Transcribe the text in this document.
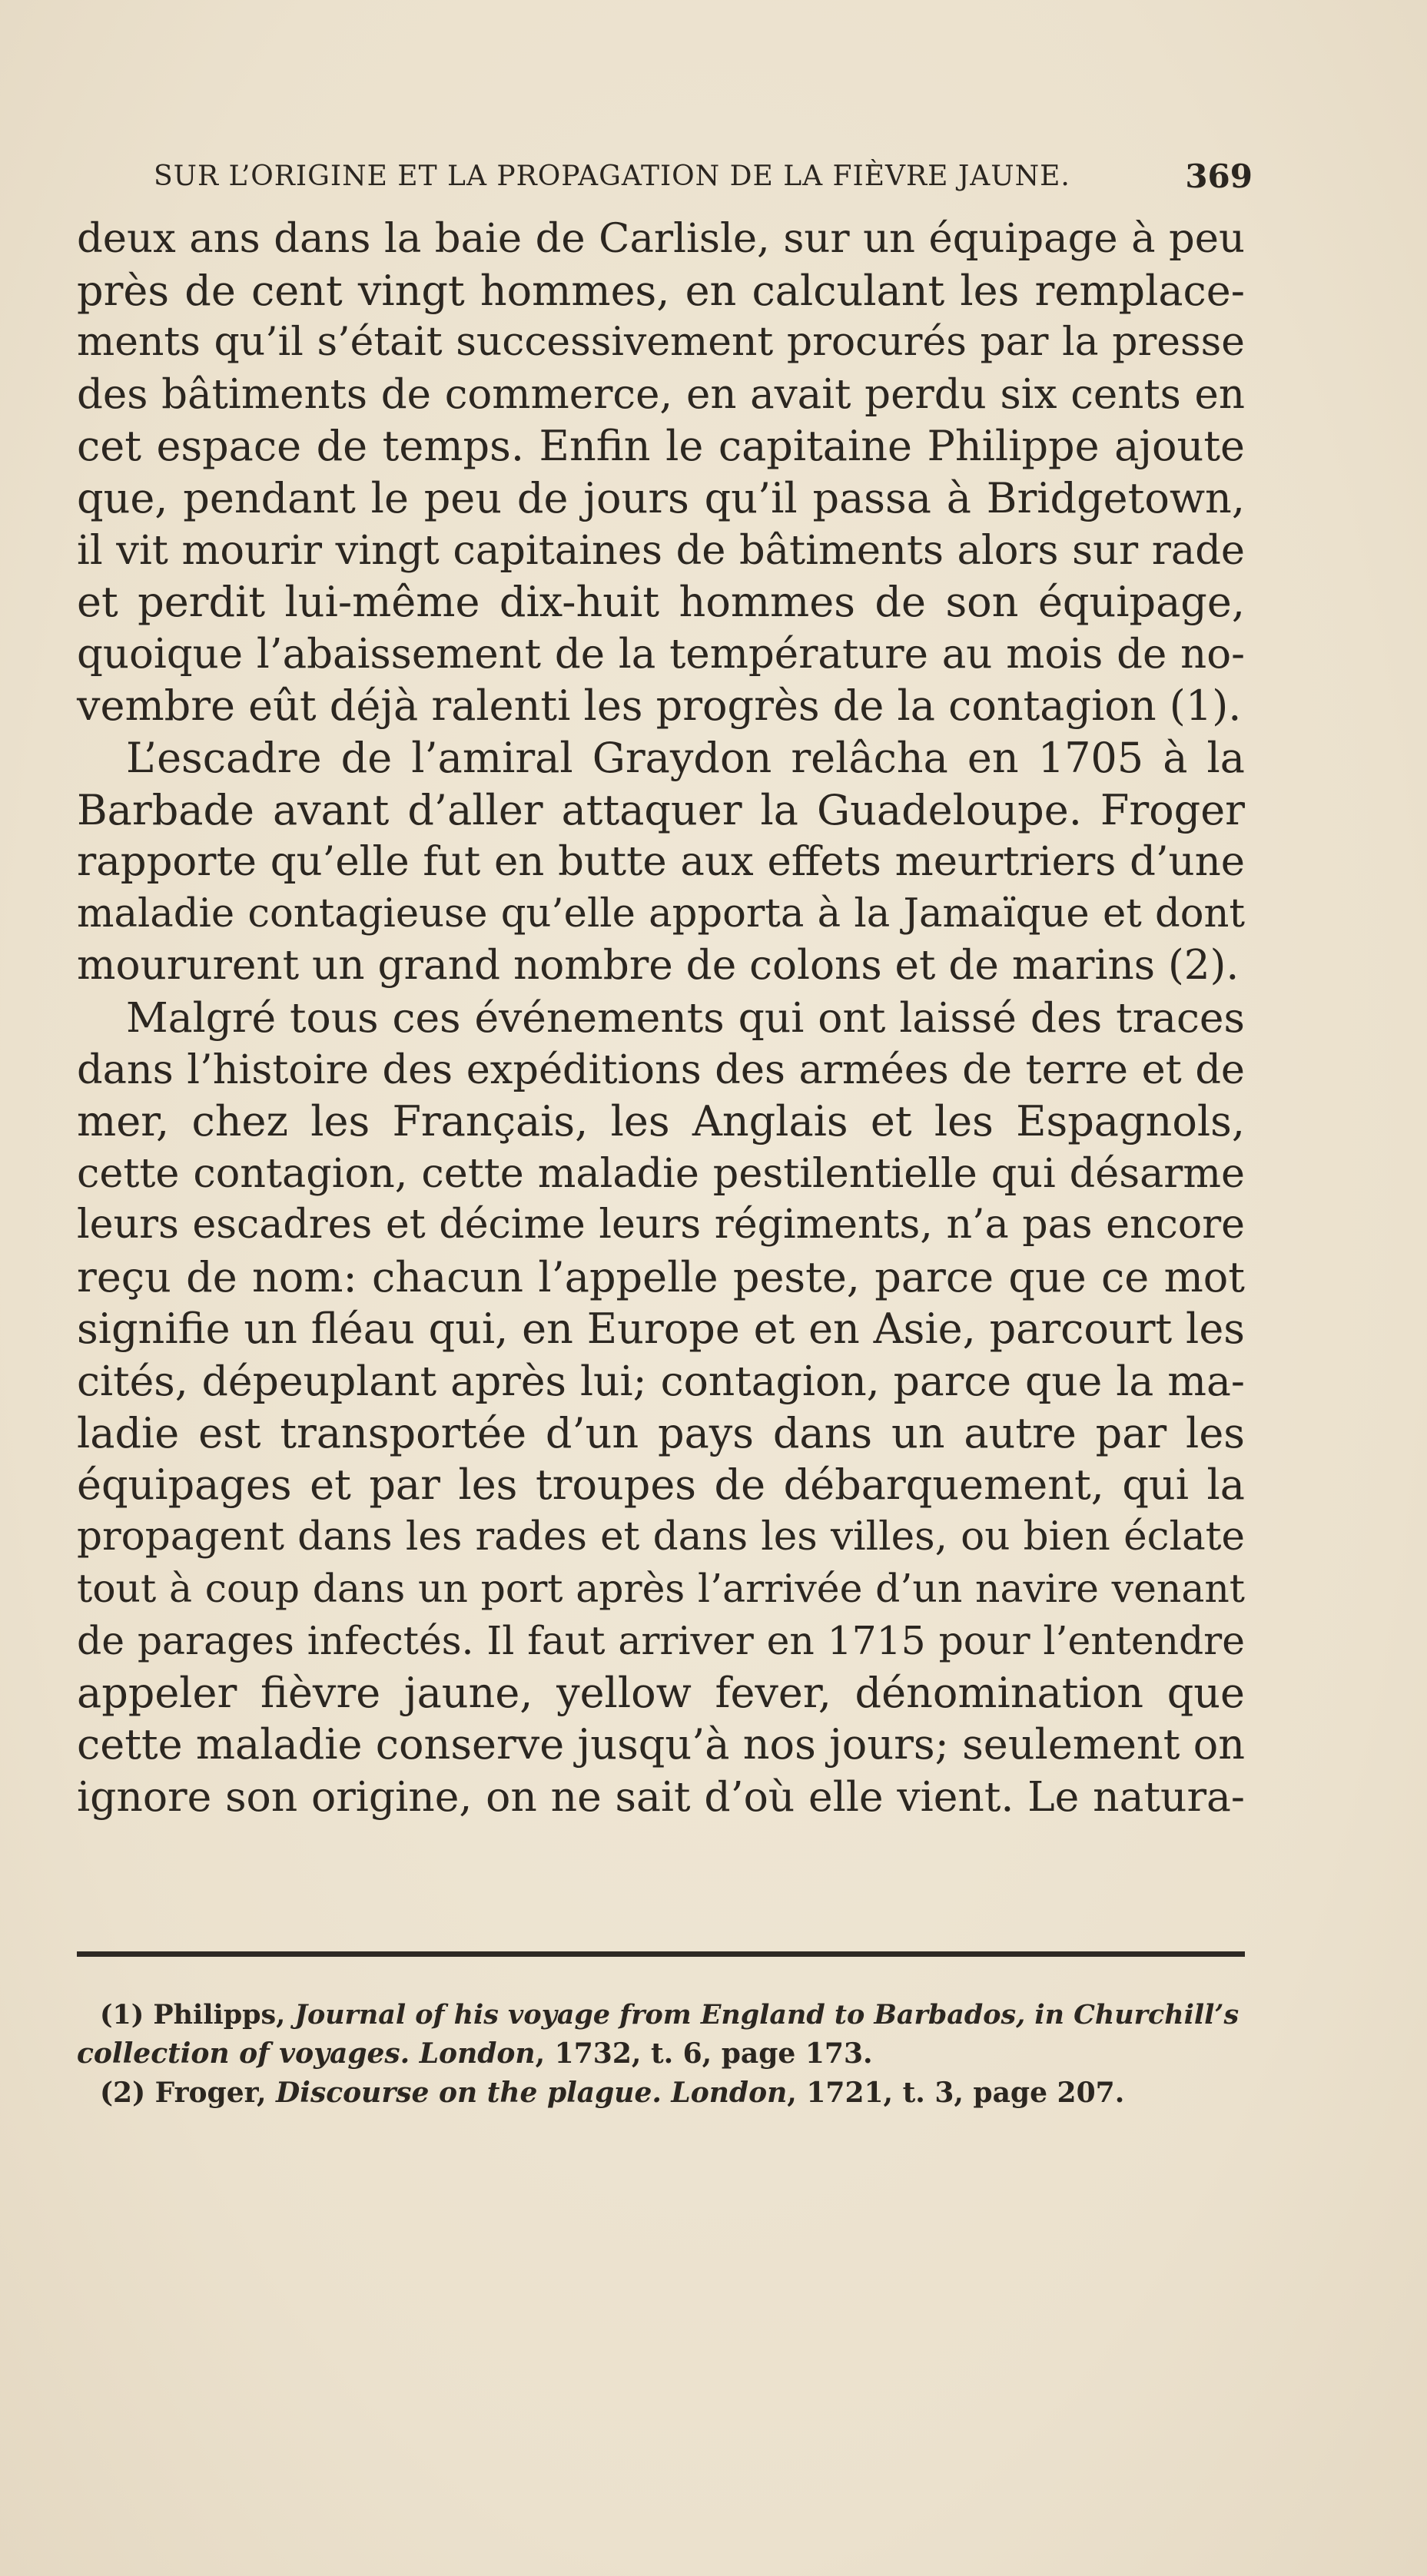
SUR L’ORIGINE ET LA PROPAGATION DE LA FIÈVRE JAUNE.	369
deux ans dans la baie de Carlisle, sur un équipage à peu
près de cent vingt hommes, en calculant les remplace-
ments qu’il s’était successivement procurés par la presse
des bâtiments de commerce, en avait perdu six cents en
cet espace de temps. Enfin le capitaine Philippe ajoute
que, pendant le peu de jours qu’il passa à Bridgetown,
il vit mourir vingt capitaines de bâtiments alors sur rade
et perdit lui-même dix-huit hommes de son équipage,
quoique l’abaissement de la température au mois de no-
vembre eût déjà ralenti les progrès de la contagion (1).
L’escadre de l’amiral Graydon relâcha en 1705 à la
Barbade avant d’aller attaquer la Guadeloupe. Froger
rapporte qu’elle fut en butte aux effets meurtriers d’une
maladie contagieuse qu’elle apporta à la Jamaïque et dont
moururent un grand nombre de colons et de marins (2).
Malgré tous ces événements qui ont laissé des traces
dans l’histoire des expéditions des armées de terre et de
mer, chez les Français, les Anglais et les Espagnols,
cette contagion, cette maladie pestilentielle qui désarme
leurs escadres et décime leurs régiments, n’a pas encore
reçu de nom: chacun l’appelle peste, parce que ce mot
signifie un fléau qui, en Europe et en Asie, parcourt les
cités, dépeuplant après lui; contagion, parce que la ma-
ladie est transportée d’un pays dans un autre par les
équipages et par les troupes de débarquement, qui la
propagent dans les rades et dans les villes, ou bien éclate
tout à coup dans un port après l’arrivée d’un navire venant
de parages infectés. Il faut arriver en 1715 pour l’entendre
appeler fièvre jaune, yellow fever, dénomination que
cette maladie conserve jusqu’à nos jours; seulement on
ignore son origine, on ne sait d’où elle vient. Le natura-
(1) Philipps, Journal of his voyage from England to Barbados, in Churchill’s
collection of voyages. London, 1732, t. 6, page 173.
(2) Froger, Discourse on the plague. London, 1721, t. 3, page 207.
